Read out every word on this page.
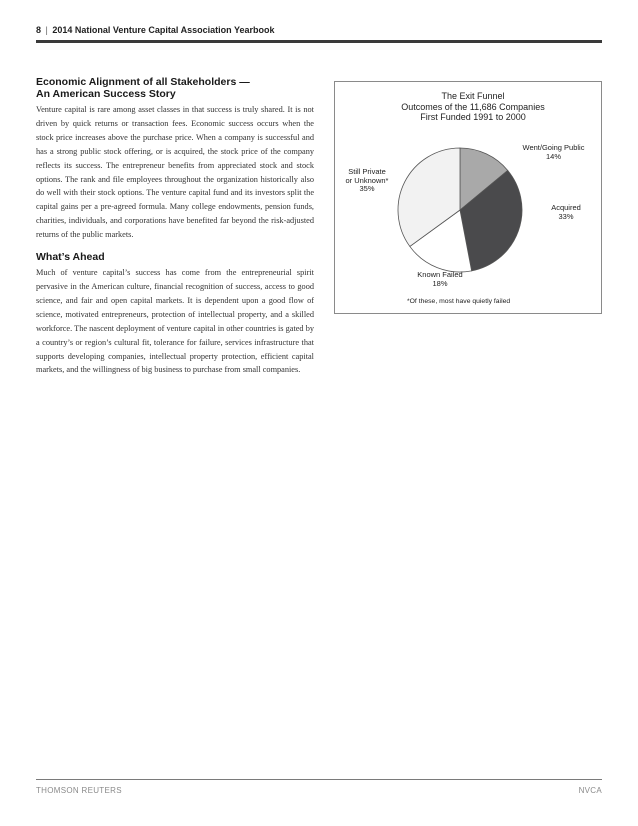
8 | 2014 National Venture Capital Association Yearbook
Economic Alignment of all Stakeholders —
An American Success Story

Venture capital is rare among asset classes in that success is truly shared. It is not driven by quick returns or transaction fees. Economic success occurs when the stock price increases above the purchase price. When a company is successful and has a strong public stock offering, or is acquired, the stock price of the company reflects its success. The entrepreneur benefits from appreciated stock and stock options. The rank and file employees throughout the organization historically also do well with their stock options. The venture capital fund and its investors split the capital gains per a pre-agreed formula. Many college endowments, pension funds, charities, individuals, and corporations have benefited far beyond the risk-adjusted returns of the public markets.

What’s Ahead

Much of venture capital’s success has come from the entrepreneurial spirit pervasive in the American culture, financial recognition of success, access to good science, and fair and open capital markets. It is dependent upon a good flow of science, motivated entrepreneurs, protection of intellectual property, and a skilled workforce. The nascent deployment of venture capital in other countries is gated by a country’s or region’s cultural fit, tolerance for failure, services infrastructure that supports developing companies, intellectual property protection, efficient capital markets, and the willingness of big business to purchase from small companies.

The Exit Funnel
Outcomes of the 11,686 Companies
First Funded 1991 to 2000
Went/Going Public
14%
Acquired
33%
Known Failed
18%
Still Private
or Unknown*
35%
*Of these, most have quietly failed
THOMSON REUTERS	NVCA
